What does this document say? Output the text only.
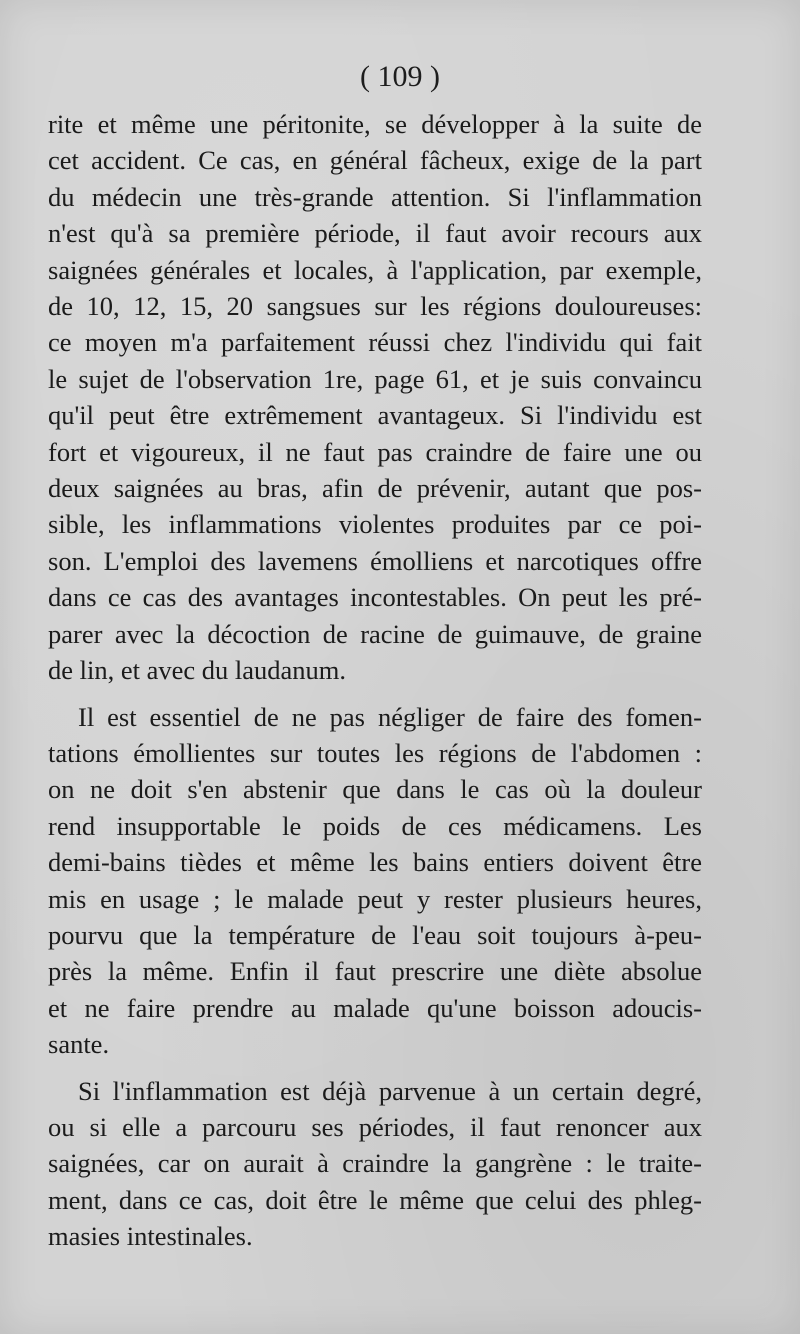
( 109 )

rite et même une péritonite, se développer à la suite de
cet accident. Ce cas, en général fâcheux, exige de la part
du médecin une très-grande attention. Si l'inflammation
n'est qu'à sa première période, il faut avoir recours aux
saignées générales et locales, à l'application, par exemple,
de 10, 12, 15, 20 sangsues sur les régions douloureuses:
ce moyen m'a parfaitement réussi chez l'individu qui fait
le sujet de l'observation 1re, page 61, et je suis convaincu
qu'il peut être extrêmement avantageux. Si l'individu est
fort et vigoureux, il ne faut pas craindre de faire une ou
deux saignées au bras, afin de prévenir, autant que pos-
sible, les inflammations violentes produites par ce poi-
son. L'emploi des lavemens émolliens et narcotiques offre
dans ce cas des avantages incontestables. On peut les pré-
parer avec la décoction de racine de guimauve, de graine
de lin, et avec du laudanum.

Il est essentiel de ne pas négliger de faire des fomen-
tations émollientes sur toutes les régions de l'abdomen :
on ne doit s'en abstenir que dans le cas où la douleur
rend insupportable le poids de ces médicamens. Les
demi-bains tièdes et même les bains entiers doivent être
mis en usage ; le malade peut y rester plusieurs heures,
pourvu que la température de l'eau soit toujours à-peu-
près la même. Enfin il faut prescrire une diète absolue
et ne faire prendre au malade qu'une boisson adoucis-
sante.

Si l'inflammation est déjà parvenue à un certain degré,
ou si elle a parcouru ses périodes, il faut renoncer aux
saignées, car on aurait à craindre la gangrène : le traite-
ment, dans ce cas, doit être le même que celui des phleg-
masies intestinales.
